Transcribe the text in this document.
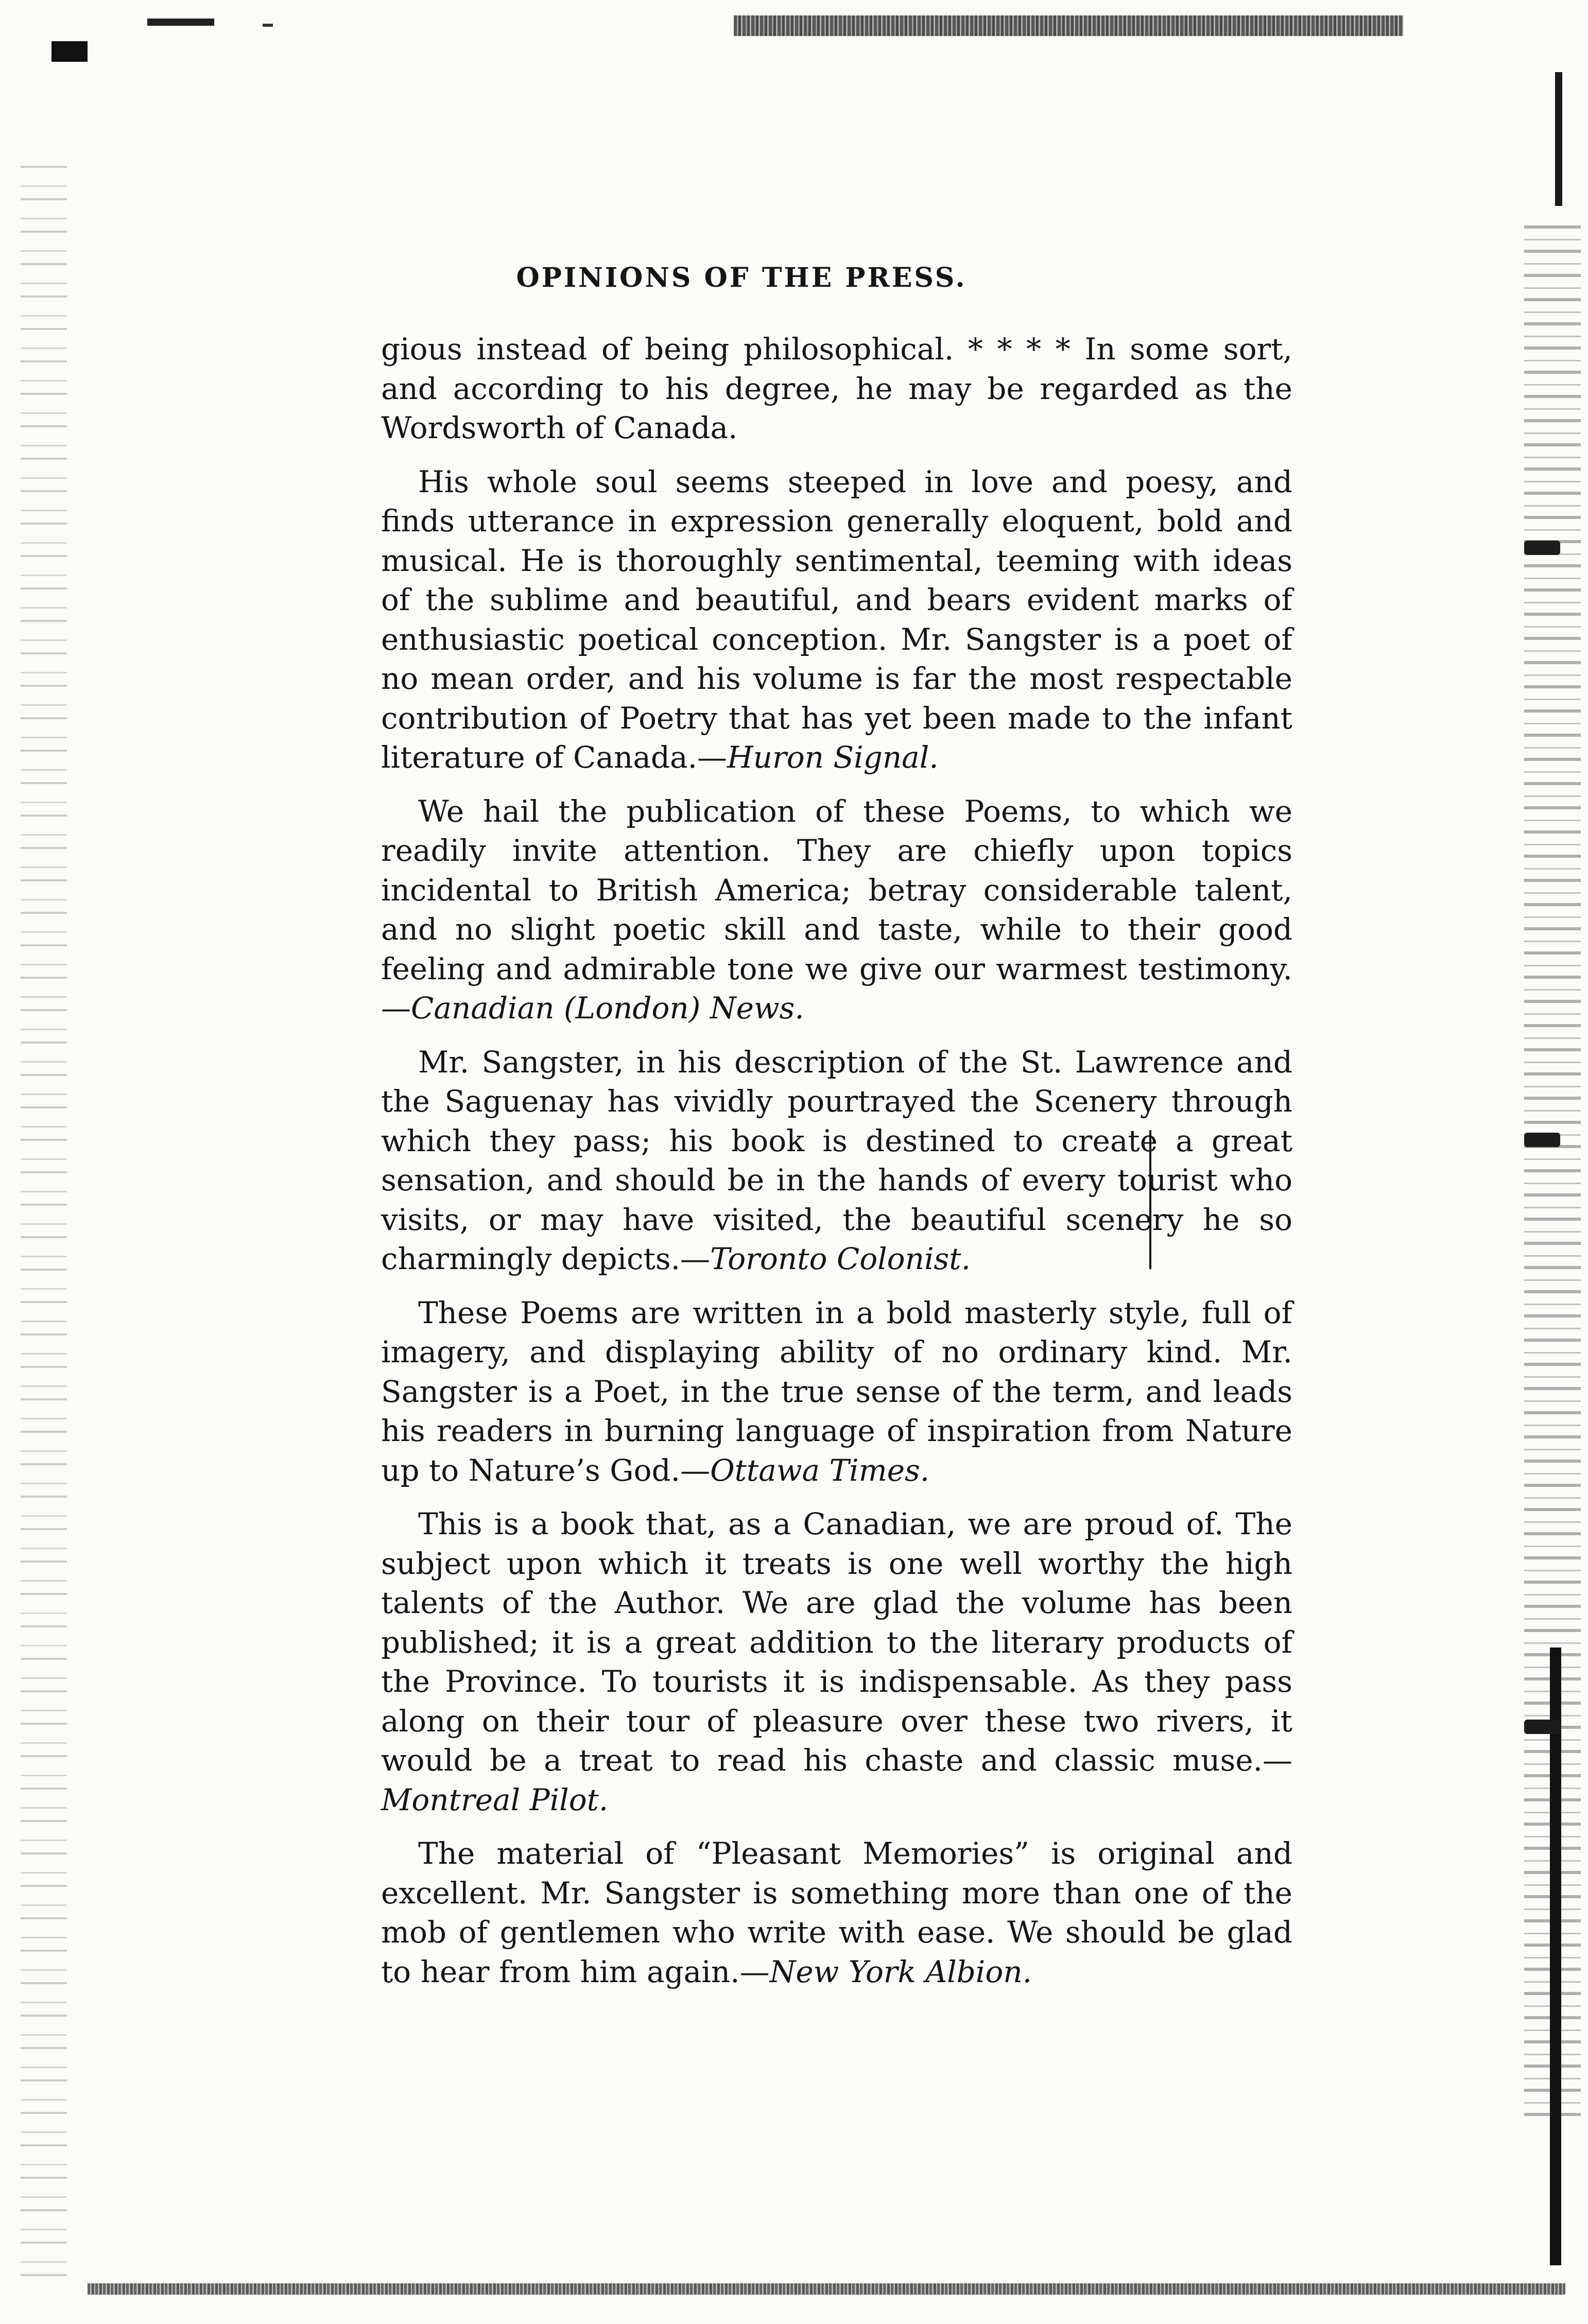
OPINIONS OF THE PRESS.

gious instead of being philosophical. * * * * In some sort, and according to his degree, he may be regarded as the Wordsworth of Canada.

His whole soul seems steeped in love and poesy, and finds utterance in expression generally eloquent, bold and musical. He is thoroughly sentimental, teeming with ideas of the sublime and beautiful, and bears evident marks of enthusiastic poetical conception. Mr. Sangster is a poet of no mean order, and his volume is far the most respectable contribution of Poetry that has yet been made to the infant literature of Canada.—Huron Signal.

We hail the publication of these Poems, to which we readily invite attention. They are chiefly upon topics incidental to British America; betray considerable talent, and no slight poetic skill and taste, while to their good feeling and admirable tone we give our warmest testimony.—Canadian (London) News.

Mr. Sangster, in his description of the St. Lawrence and the Saguenay has vividly pourtrayed the Scenery through which they pass; his book is destined to create a great sensation, and should be in the hands of every tourist who visits, or may have visited, the beautiful scenery he so charmingly depicts.—Toronto Colonist.

These Poems are written in a bold masterly style, full of imagery, and displaying ability of no ordinary kind. Mr. Sangster is a Poet, in the true sense of the term, and leads his readers in burning language of inspiration from Nature up to Nature’s God.—Ottawa Times.

This is a book that, as a Canadian, we are proud of. The subject upon which it treats is one well worthy the high talents of the Author. We are glad the volume has been published; it is a great addition to the literary products of the Province. To tourists it is indispensable. As they pass along on their tour of pleasure over these two rivers, it would be a treat to read his chaste and classic muse.—Montreal Pilot.

The material of “Pleasant Memories” is original and excellent. Mr. Sangster is something more than one of the mob of gentlemen who write with ease. We should be glad to hear from him again.—New York Albion.
